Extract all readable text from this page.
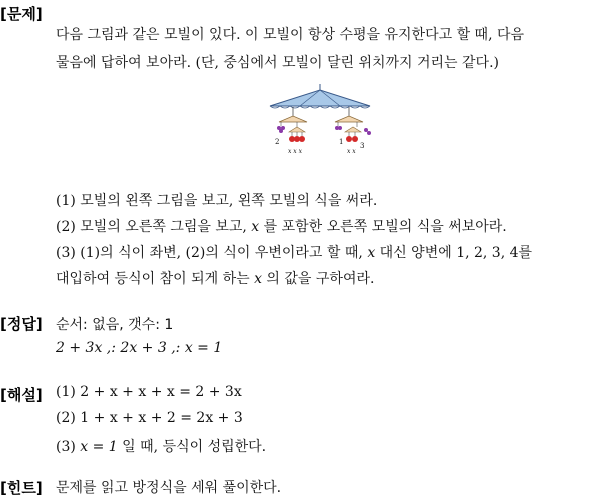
[문제]
다음 그림과 같은 모빌이 있다. 이 모빌이 항상 수평을 유지한다고 할 때, 다음
물음에 답하여 보아라. (단, 중심에서 모빌이 달린 위치까지 거리는 같다.)
2
x x x
1 3
x x
(1) 모빌의 왼쪽 그림을 보고, 왼쪽 모빌의 식을 써라.
(2) 모빌의 오른쪽 그림을 보고, x 를 포함한 오른쪽 모빌의 식을 써보아라.
(3) (1)의 식이 좌변, (2)의 식이 우변이라고 할 때, x 대신 양변에 1, 2, 3, 4를
대입하여 등식이 참이 되게 하는 x 의 값을 구하여라.
[정답] 순서: 없음, 갯수: 1
2 + 3x ,: 2x + 3 ,: x = 1
[해설] (1) 2 + x + x + x = 2 + 3x
(2) 1 + x + x + 2 = 2x + 3
(3) x = 1 일 때, 등식이 성립한다.
[힌트] 문제를 읽고 방정식을 세워 풀이한다.
